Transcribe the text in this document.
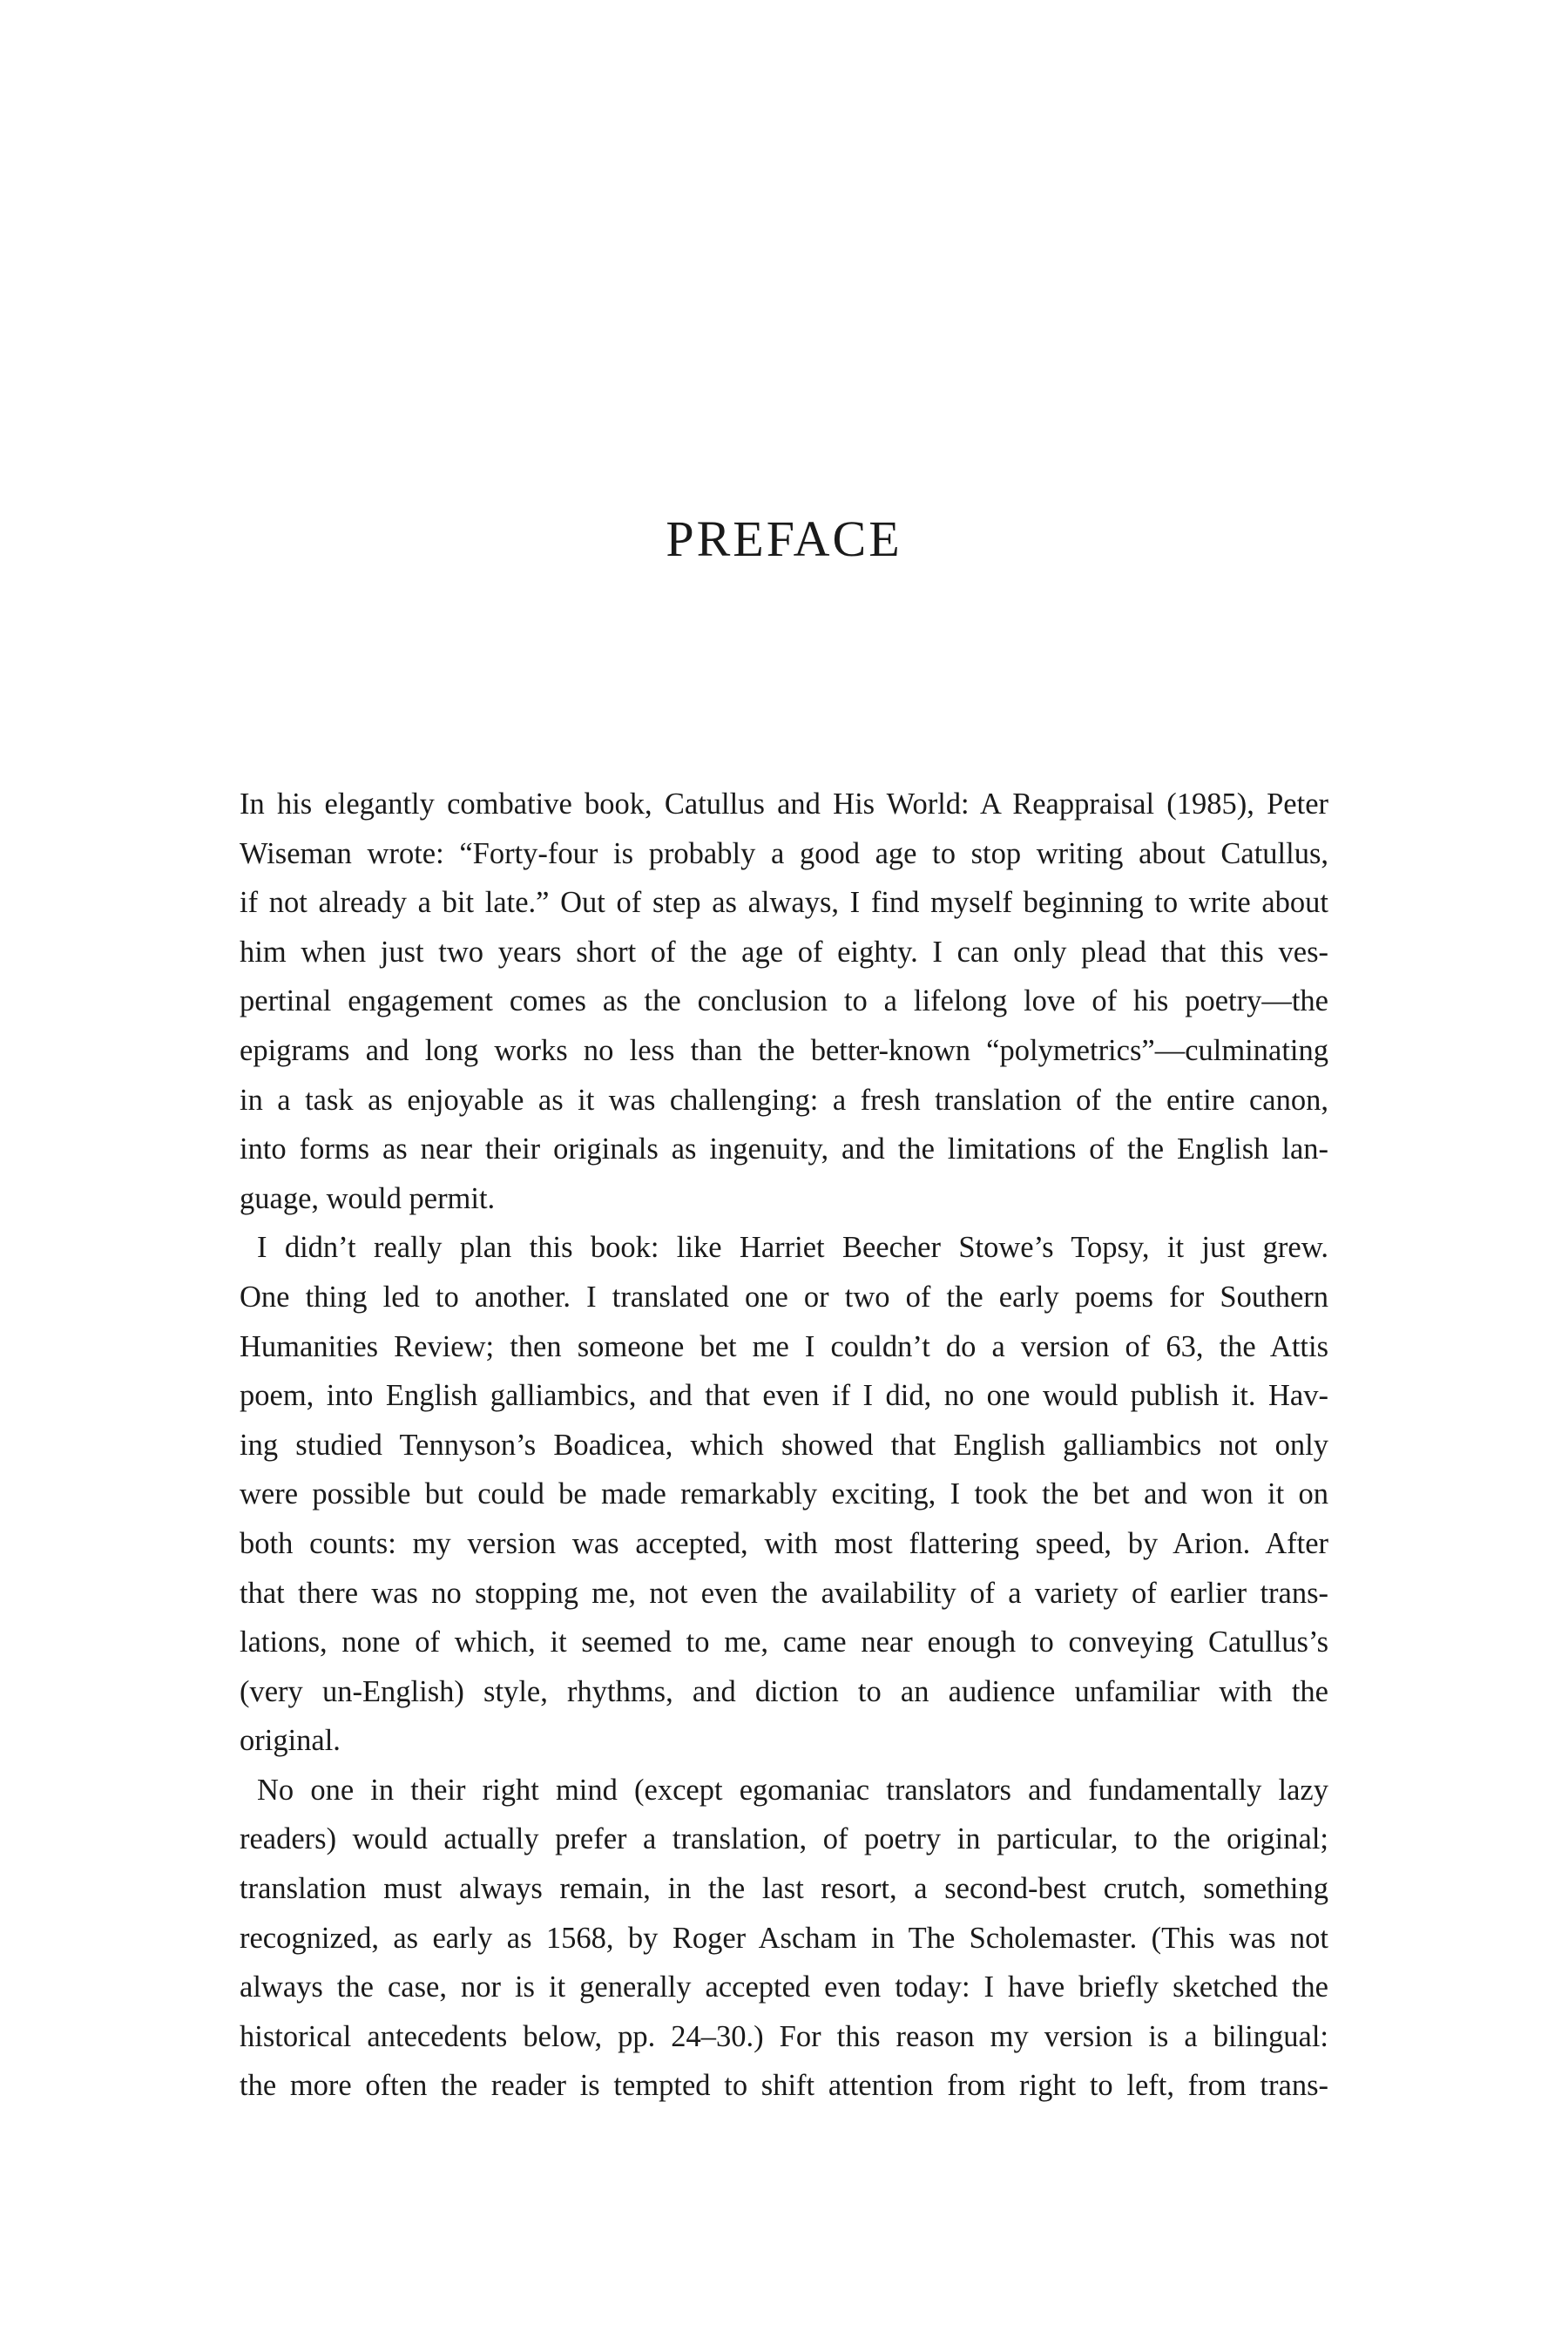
PREFACE
In his elegantly combative book, Catullus and His World: A Reappraisal (1985), Peter
Wiseman wrote: “Forty-four is probably a good age to stop writing about Catullus,
if not already a bit late.” Out of step as always, I find myself beginning to write about
him when just two years short of the age of eighty. I can only plead that this ves-
pertinal engagement comes as the conclusion to a lifelong love of his poetry—the
epigrams and long works no less than the better-known “polymetrics”—culminating
in a task as enjoyable as it was challenging: a fresh translation of the entire canon,
into forms as near their originals as ingenuity, and the limitations of the English lan-
guage, would permit.
I didn’t really plan this book: like Harriet Beecher Stowe’s Topsy, it just grew.
One thing led to another. I translated one or two of the early poems for Southern
Humanities Review; then someone bet me I couldn’t do a version of 63, the Attis
poem, into English galliambics, and that even if I did, no one would publish it. Hav-
ing studied Tennyson’s Boadicea, which showed that English galliambics not only
were possible but could be made remarkably exciting, I took the bet and won it on
both counts: my version was accepted, with most flattering speed, by Arion. After
that there was no stopping me, not even the availability of a variety of earlier trans-
lations, none of which, it seemed to me, came near enough to conveying Catullus’s
(very un-English) style, rhythms, and diction to an audience unfamiliar with the
original.
No one in their right mind (except egomaniac translators and fundamentally lazy
readers) would actually prefer a translation, of poetry in particular, to the original;
translation must always remain, in the last resort, a second-best crutch, something
recognized, as early as 1568, by Roger Ascham in The Scholemaster. (This was not
always the case, nor is it generally accepted even today: I have briefly sketched the
historical antecedents below, pp. 24–30.) For this reason my version is a bilingual:
the more often the reader is tempted to shift attention from right to left, from trans-
